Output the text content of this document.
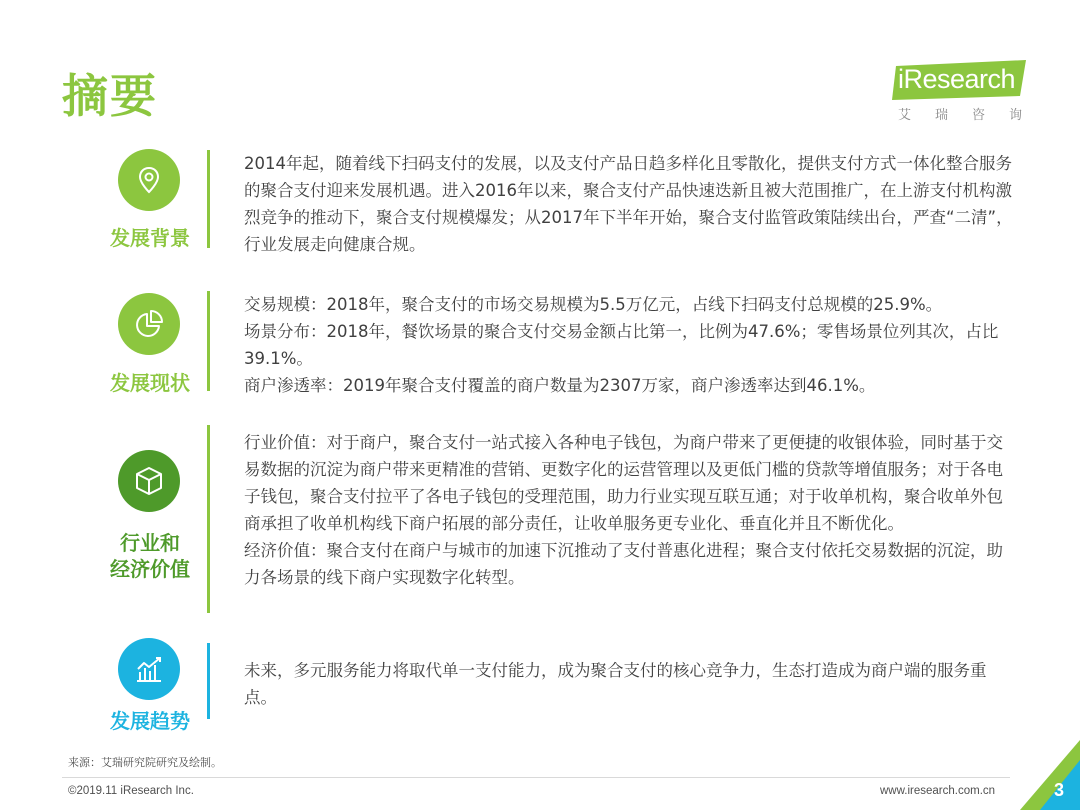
摘要	iResearch
艾 瑞 咨 询
发展背景

2014年起，随着线下扫码支付的发展，以及支付产品日趋多样化且零散化，提供支付方式一体化整合服务的聚合支付迎来发展机遇。进入2016年以来，聚合支付产品快速迭新且被大范围推广，在上游支付机构激烈竞争的推动下，聚合支付规模爆发；从2017年下半年开始，聚合支付监管政策陆续出台，严查“二清”，行业发展走向健康合规。

发展现状

交易规模：2018年，聚合支付的市场交易规模为5.5万亿元，占线下扫码支付总规模的25.9%。

场景分布：2018年，餐饮场景的聚合支付交易金额占比第一，比例为47.6%；零售场景位列其次，占比39.1%。

商户渗透率：2019年聚合支付覆盖的商户数量为2307万家，商户渗透率达到46.1%。

行业和
经济价值

行业价值：对于商户，聚合支付一站式接入各种电子钱包，为商户带来了更便捷的收银体验，同时基于交易数据的沉淀为商户带来更精准的营销、更数字化的运营管理以及更低门槛的贷款等增值服务；对于各电子钱包，聚合支付拉平了各电子钱包的受理范围，助力行业实现互联互通；对于收单机构，聚合收单外包商承担了收单机构线下商户拓展的部分责任，让收单服务更专业化、垂直化并且不断优化。

经济价值：聚合支付在商户与城市的加速下沉推动了支付普惠化进程；聚合支付依托交易数据的沉淀，助力各场景的线下商户实现数字化转型。

发展趋势

未来，多元服务能力将取代单一支付能力，成为聚合支付的核心竞争力，生态打造成为商户端的服务重点。

来源：艾瑞研究院研究及绘制。
©2019.11 iResearch Inc.	www.iresearch.com.cn	3
